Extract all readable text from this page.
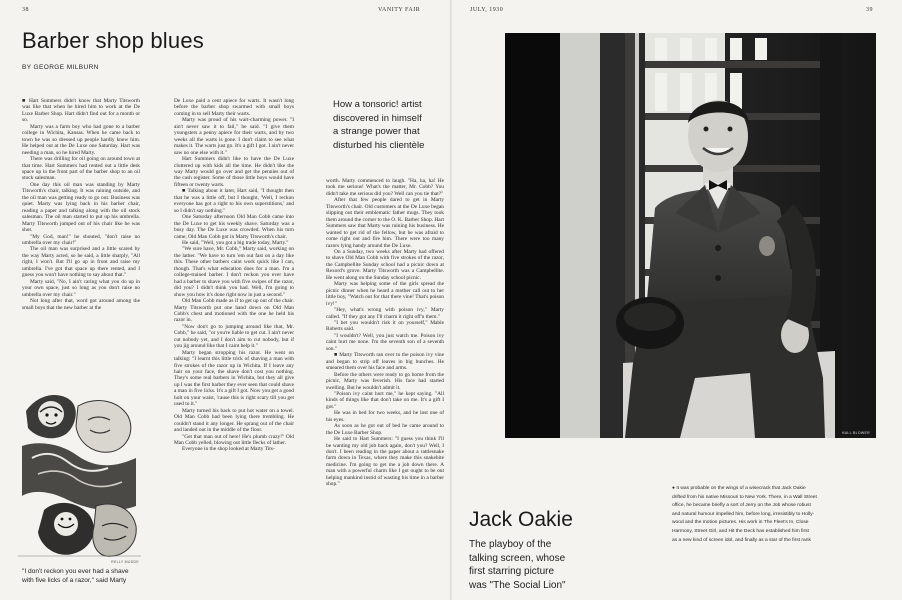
38	VANITY FAIR
Barber shop blues
BY GEORGE MILBURN

■ Hart Summers didn't know that Marty Titsworth was like that when he hired him to work at the De Luxe Barber Shop. Hart didn't find out for a month or so.

Marty was a farm boy who had gone to a barber college in Wichita, Kansas. When he came back to town he was so dressed up people hardly knew him. He helped out at the De Luxe one Saturday. Hart was needing a man, so he hired Marty.

There was drilling for oil going on around town at that time. Hart Summers had rented out a little desk space up in the front part of the barber shop to an oil stock salesman.

One day this oil man was standing by Marty Titsworth's chair, talking. It was raining outside, and the oil man was getting ready to go out. Business was quiet. Marty was lying back in his barber chair, reading a paper and talking along with the oil stock salesman. The oil man started to put up his umbrella. Marty Titsworth jumped out of his chair like he was shot.

"My God, man!" he shouted, "don't raise no umbrella over my chair!"

The oil man was surprised and a little scared by the way Marty acted, so he said, a little sharply, "All right, I won't. But I'll go up in front and raise my umbrella. I've got that space up there rented, and I guess you won't have nothing to say about that."

Marty said, "No, I ain't caring what you do up in your own space, just so long as you don't raise no umbrella over my chair."

Not long after that, word got around among the small boys that the new barber at the

RELLY MUDDE
"I don't reckon you ever had a shave
with five licks of a razor," said Marty

De Luxe paid a cent apiece for warts. It wasn't long before the barber shop swarmed with small boys coming in to sell Marty their warts.

Marty was proud of his wart-charming power. "I ain't never saw it to fail," he said. "I give them youngsters a penny apiece for their warts, and by two weeks all the warts is gone. I don't claim to see what makes it. The warts just go. It's a gift I got. I ain't never saw no one else with it."

Hart Summers didn't like to have the De Luxe cluttered up with kids all the time. He didn't like the way Marty would go over and get the pennies out of the cash register. Some of those little boys would have fifteen or twenty warts.

■ Talking about it later, Hart said, "I thought then that he was a little off, but I thought, 'Well, I reckon everyone has got a right to his own superstitions,' and so I didn't say nothing."

One Saturday afternoon Old Man Cobb came into the De Luxe to get his weekly shave. Saturday was a busy day. The De Luxe was crowded. When his turn came, Old Man Cobb got in Marty Titsworth's chair.

He said, "Well, you got a big trade today, Marty."

"We sure have, Mr. Cobb," Marty said, working on the lather. "We have to turn 'em out fast on a day like this. These other barbers caint work quick like I can, though. That's what education does for a man. I'm a college-trained barber. I don't reckon you ever have had a barber to shave you with five swipes of the razor, did you? I didn't think you had. Well, I'm going to show you how it's done right now in just a second."

Old Man Cobb made as if to get up out of the chair. Marty Titsworth put one hand down on Old Man Cobb's chest and motioned with the one he held his razor in.

"Now don't go to jumping around like that, Mr. Cobb," he said, "or you're liable to get cut. I ain't never cut nobody yet, and I don't aim to cut nobody, but if you jig around like that I caint help it."

Marty began stropping his razor. He went on talking: "I learnt this little trick of shaving a man with five strokes of the razor up in Wichita. If I leave any hair on your face, the shave don't cost you nothing. They's some real barbers in Wichita, but they all give up I was the first barber they ever seen that could shave a man in five licks. It's a gift I got. Now you get a good holt on your waist, 'cause this is right scary till you get used to it."

Marty turned his back to put hot water on a towel. Old Man Cobb had been lying there trembling. He couldn't stand it any longer. He sprang out of the chair and landed out in the middle of the floor.

"Get that man out of here! He's plumb crazy!" Old Man Cobb yelled, blowing out little flecks of lather.

Everyone in the shop looked at Marty Tits-

How a tonsoric! artist
discovered in himself
a strange power that
disturbed his clientèle

worth. Marty commenced to laugh. "Ha, ha, ha! He took me serious! What's the matter, Mr. Cobb? You didn't take me serious did you? Well can you tie that?"

After that few people dared to get in Marty Titsworth's chair. Old customers at the De Luxe began slipping out their emblematic father mugs. They took them around the corner to the O. K. Barber Shop. Hart Summers saw that Marty was ruining his business. He wanted to get rid of the fellow, but he was afraid to come right out and fire him. There were too many razors lying handy around the De Luxe.

On a Sunday, two weeks after Marty had offered to shave Old Man Cobb with five strokes of the razor, the Campbellite Sunday school had a picnic down at Rexord's grove. Marty Titsworth was a Campbellite. He went along on the Sunday school picnic.

Marty was helping some of the girls spread the picnic dinner when he heard a mother call out to her little boy, "Watch out for that there vine! That's poison ivy!"

"Hey, what's wrong with poison ivy," Marty called. "If they got any I'll charm it right off'n them."

"I bet you wouldn't risk it on yourself," Mable Roberts said.

"I wouldn't? Well, you just watch me. Poison ivy caint hurt me none. I'm the seventh son of a seventh son."

■ Marty Titsworth ran over to the poison ivy vine and began to strip off leaves in big bunches. He smeared them over his face and arms.

Before the others were ready to go home from the picnic, Marty was feverish. His face had started swelling. But he wouldn't admit it.

"Poison ivy caint hurt me," he kept saying. "All kinds of things like that don't take on me. It's a gift I got."

He was in bed for two weeks, and he lost one of his eyes.

As soon as he got out of bed he came around to the De Luxe Barber Shop.

He said to Hart Summers: "I guess you think I'll be wanting my old job back again, don't you? Well, I don't. I been reading in the paper about a rattlesnake farm down in Texas, where they make this snakebite medicine. I'm going to get me a job down there. A man with a powerful charm like I got ought to be out helping mankind instid of wasting his time in a barber shop."

JULY, 1930	39
HALL BLOWER
Jack Oakie
The playboy of the
talking screen, whose
first starring picture
was "The Social Lion"
● It was probable on the wings of a wisecrack that Jack Oakie
drifted from his native Missouri to New York. There, in a Wall Street
office, he became briefly a sort of Jerry on the Job whose robust
and natural humour impelled him, before long, irresistibly to Holly-
wood and the motion pictures. His work in The Fleet's In, Close
Harmony, Street Girl, and Hit the Deck has established him first
as a new kind of screen idol, and finally as a star of the first rank
